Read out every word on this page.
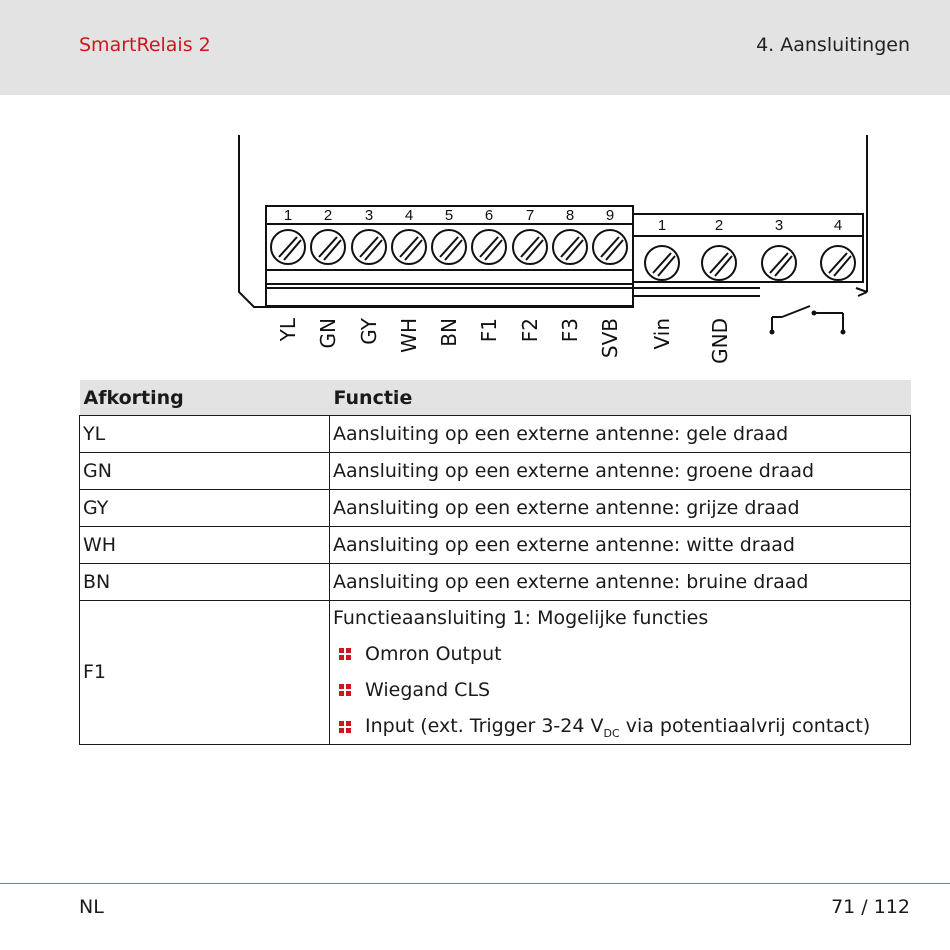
SmartRelais 2	4. Aansluitingen
1 2 3 4 5 6 7 8 9
1	2	3	4
YL GN GY WH BN F1 F2 F3 SVB Vin GND
Afkorting	Functie
YL	Aansluiting op een externe antenne: gele draad
GN	Aansluiting op een externe antenne: groene draad
GY	Aansluiting op een externe antenne: grijze draad
WH	Aansluiting op een externe antenne: witte draad
BN	Aansluiting op een externe antenne: bruine draad
F1	Functieaansluiting 1: Mogelijke functies
Omron Output
Wiegand CLS
Input (ext. Trigger 3-24 $V_{DC}$ via potentiaalvrij contact)
NL	71 / 112
